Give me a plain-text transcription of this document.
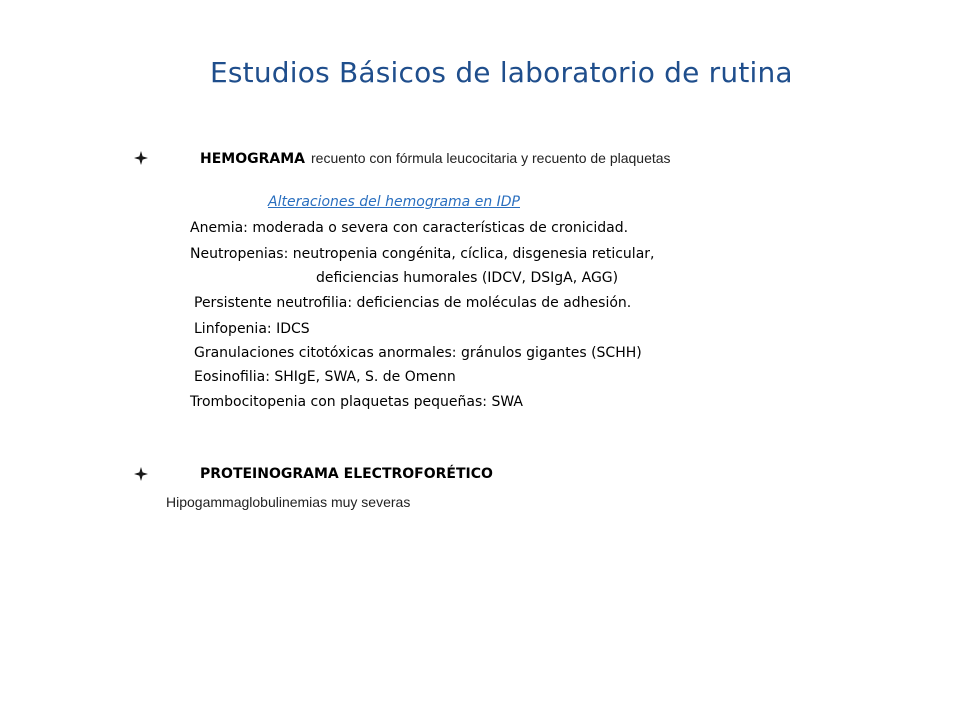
Estudios Básicos de laboratorio de rutina
HEMOGRAMA recuento con fórmula leucocitaria y recuento de plaquetas
Alteraciones del hemograma en IDP
Anemia: moderada o severa con características de cronicidad.
Neutropenias: neutropenia congénita, cíclica, disgenesia reticular,
deficiencias humorales (IDCV, DSIgA, AGG)
Persistente neutrofilia: deficiencias de moléculas de adhesión.
Linfopenia: IDCS
Granulaciones citotóxicas anormales: gránulos gigantes (SCHH)
Eosinofilia: SHIgE, SWA, S. de Omenn
Trombocitopenia con plaquetas pequeñas: SWA
PROTEINOGRAMA ELECTROFORÉTICO
Hipogammaglobulinemias muy severas
